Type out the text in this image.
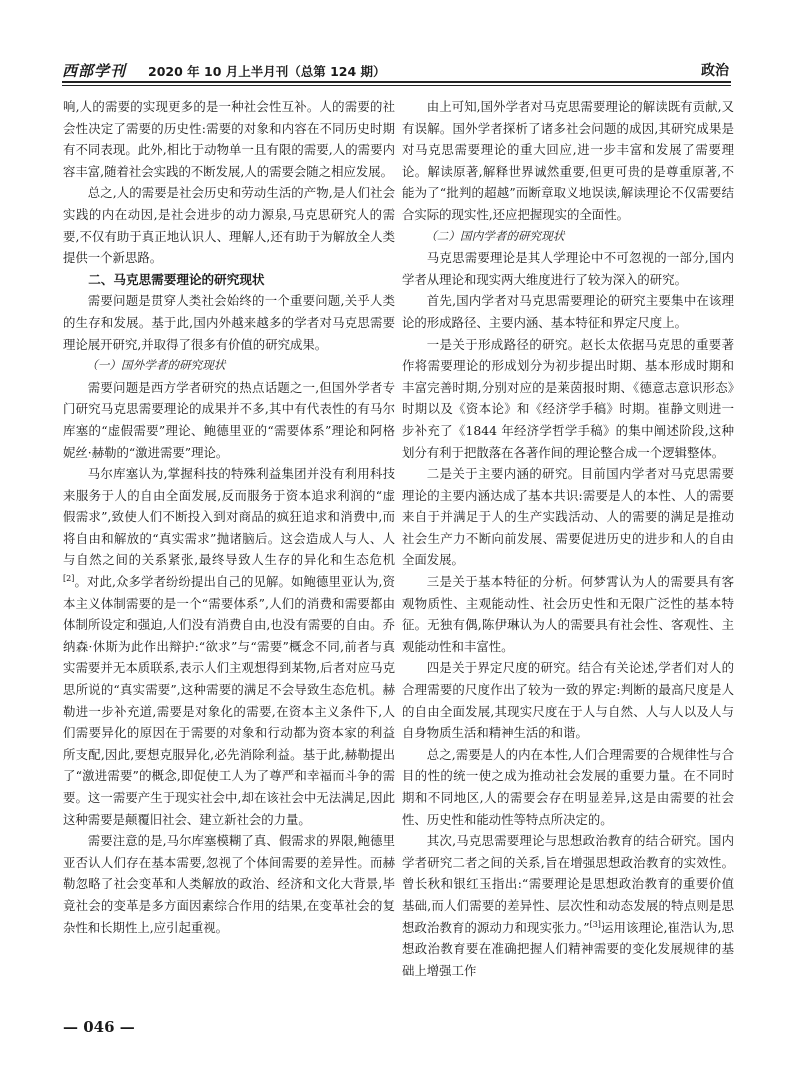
西部学刊 2020 年 10 月上半月刊（总第 124 期）	政治

响,人的需要的实现更多的是一种社会性互补。人的需要的社会性决定了需要的历史性:需要的对象和内容在不同历史时期有不同表现。此外,相比于动物单一且有限的需要,人的需要内容丰富,随着社会实践的不断发展,人的需要会随之相应发展。

总之,人的需要是社会历史和劳动生活的产物,是人们社会实践的内在动因,是社会进步的动力源泉,马克思研究人的需要,不仅有助于真正地认识人、理解人,还有助于为解放全人类提供一个新思路。

二、马克思需要理论的研究现状

需要问题是贯穿人类社会始终的一个重要问题,关乎人类的生存和发展。基于此,国内外越来越多的学者对马克思需要理论展开研究,并取得了很多有价值的研究成果。

（一）国外学者的研究现状

需要问题是西方学者研究的热点话题之一,但国外学者专门研究马克思需要理论的成果并不多,其中有代表性的有马尔库塞的“虚假需要”理论、鲍德里亚的“需要体系”理论和阿格妮丝·赫勒的“激进需要”理论。

马尔库塞认为,掌握科技的特殊利益集团并没有利用科技来服务于人的自由全面发展,反而服务于资本追求利润的“虚假需求”,致使人们不断投入到对商品的疯狂追求和消费中,而将自由和解放的“真实需求”抛诸脑后。这会造成人与人、人与自然之间的关系紧张,最终导致人生存的异化和生态危机[2]。对此,众多学者纷纷提出自己的见解。如鲍德里亚认为,资本主义体制需要的是一个“需要体系”,人们的消费和需要都由体制所设定和强迫,人们没有消费自由,也没有需要的自由。乔纳森·休斯为此作出辩护:“欲求”与“需要”概念不同,前者与真实需要并无本质联系,表示人们主观想得到某物,后者对应马克思所说的“真实需要”,这种需要的满足不会导致生态危机。赫勒进一步补充道,需要是对象化的需要,在资本主义条件下,人们需要异化的原因在于需要的对象和行动都为资本家的利益所支配,因此,要想克服异化,必先消除利益。基于此,赫勒提出了“激进需要”的概念,即促使工人为了尊严和幸福而斗争的需要。这一需要产生于现实社会中,却在该社会中无法满足,因此这种需要是颠覆旧社会、建立新社会的力量。

需要注意的是,马尔库塞模糊了真、假需求的界限,鲍德里亚否认人们存在基本需要,忽视了个体间需要的差异性。而赫勒忽略了社会变革和人类解放的政治、经济和文化大背景,毕竟社会的变革是多方面因素综合作用的结果,在变革社会的复杂性和长期性上,应引起重视。

由上可知,国外学者对马克思需要理论的解读既有贡献,又有误解。国外学者探析了诸多社会问题的成因,其研究成果是对马克思需要理论的重大回应,进一步丰富和发展了需要理论。解读原著,解释世界诚然重要,但更可贵的是尊重原著,不能为了“批判的超越”而断章取义地误读,解读理论不仅需要结合实际的现实性,还应把握现实的全面性。

（二）国内学者的研究现状

马克思需要理论是其人学理论中不可忽视的一部分,国内学者从理论和现实两大维度进行了较为深入的研究。

首先,国内学者对马克思需要理论的研究主要集中在该理论的形成路径、主要内涵、基本特征和界定尺度上。

一是关于形成路径的研究。赵长太依据马克思的重要著作将需要理论的形成划分为初步提出时期、基本形成时期和丰富完善时期,分别对应的是莱茵报时期、《德意志意识形态》时期以及《资本论》和《经济学手稿》时期。崔静文则进一步补充了《1844 年经济学哲学手稿》的集中阐述阶段,这种划分有利于把散落在各著作间的理论整合成一个逻辑整体。

二是关于主要内涵的研究。目前国内学者对马克思需要理论的主要内涵达成了基本共识:需要是人的本性、人的需要来自于并满足于人的生产实践活动、人的需要的满足是推动社会生产力不断向前发展、需要促进历史的进步和人的自由全面发展。

三是关于基本特征的分析。何梦霄认为人的需要具有客观物质性、主观能动性、社会历史性和无限广泛性的基本特征。无独有偶,陈伊琳认为人的需要具有社会性、客观性、主观能动性和丰富性。

四是关于界定尺度的研究。结合有关论述,学者们对人的合理需要的尺度作出了较为一致的界定:判断的最高尺度是人的自由全面发展,其现实尺度在于人与自然、人与人以及人与自身物质生活和精神生活的和谐。

总之,需要是人的内在本性,人们合理需要的合规律性与合目的性的统一使之成为推动社会发展的重要力量。在不同时期和不同地区,人的需要会存在明显差异,这是由需要的社会性、历史性和能动性等特点所决定的。

其次,马克思需要理论与思想政治教育的结合研究。国内学者研究二者之间的关系,旨在增强思想政治教育的实效性。曾长秋和银红玉指出:“需要理论是思想政治教育的重要价值基础,而人们需要的差异性、层次性和动态发展的特点则是思想政治教育的源动力和现实张力。”[3]运用该理论,崔浩认为,思想政治教育要在准确把握人们精神需要的变化发展规律的基础上增强工作

— 046 —
